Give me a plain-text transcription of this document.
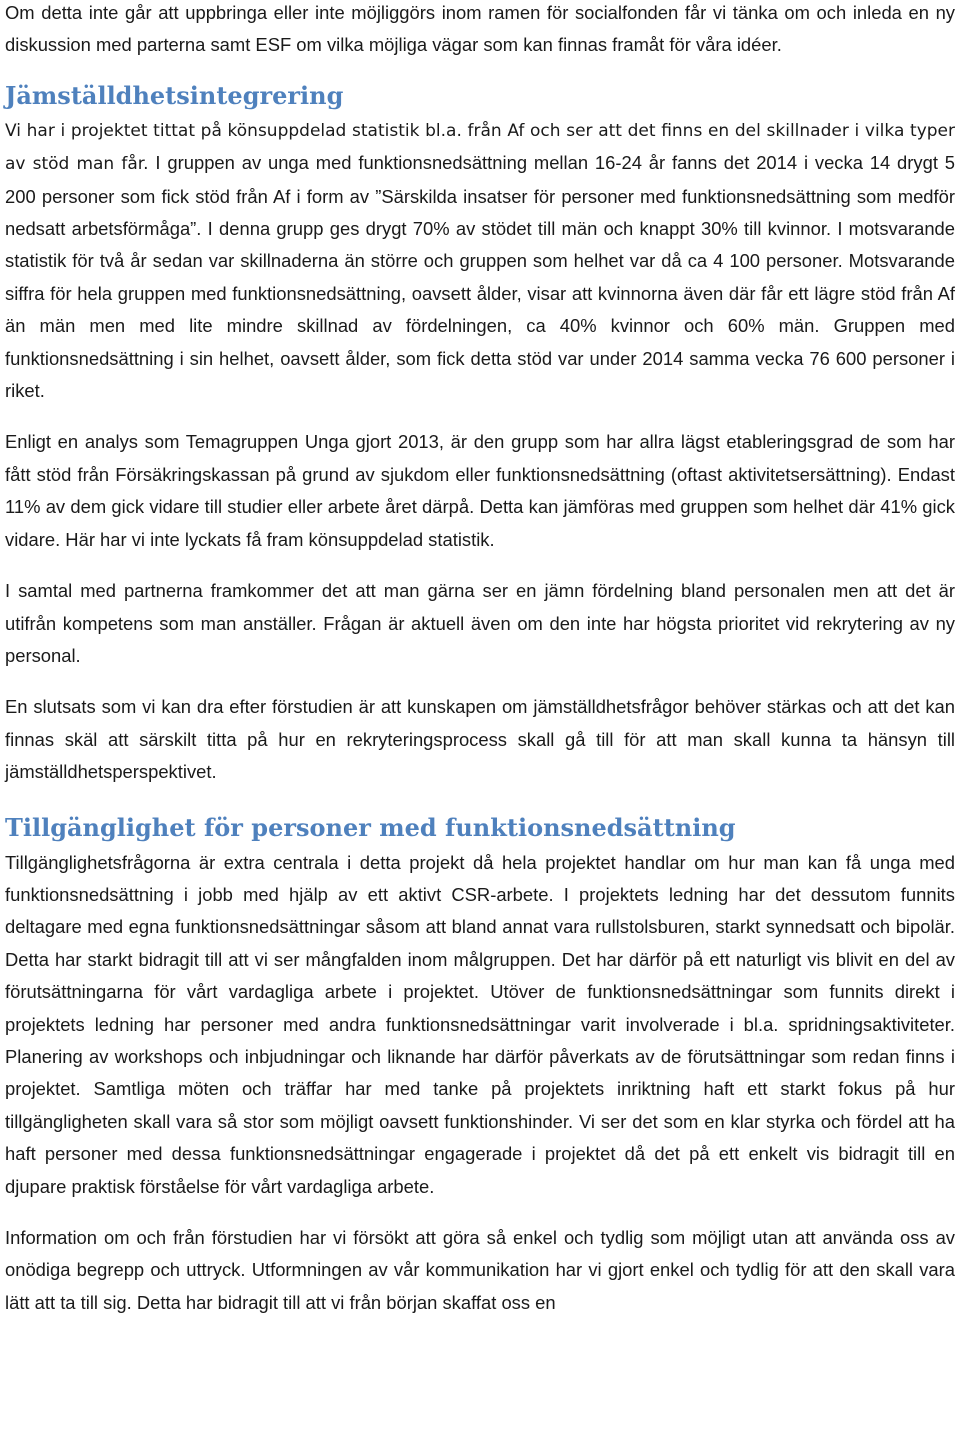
Om detta inte går att uppbringa eller inte möjliggörs inom ramen för socialfonden får vi tänka om och inleda en ny diskussion med parterna samt ESF om vilka möjliga vägar som kan finnas framåt för våra idéer.

Jämställdhetsintegrering

Vi har i projektet tittat på könsuppdelad statistik bl.a. från Af och ser att det finns en del skillnader i vilka typer av stöd man får. I gruppen av unga med funktionsnedsättning mellan 16-24 år fanns det 2014 i vecka 14 drygt 5 200 personer som fick stöd från Af i form av ”Särskilda insatser för personer med funktionsnedsättning som medför nedsatt arbetsförmåga”. I denna grupp ges drygt 70% av stödet till män och knappt 30% till kvinnor. I motsvarande statistik för två år sedan var skillnaderna än större och gruppen som helhet var då ca 4 100 personer. Motsvarande siffra för hela gruppen med funktionsnedsättning, oavsett ålder, visar att kvinnorna även där får ett lägre stöd från Af än män men med lite mindre skillnad av fördelningen, ca 40% kvinnor och 60% män. Gruppen med funktionsnedsättning i sin helhet, oavsett ålder, som fick detta stöd var under 2014 samma vecka 76 600 personer i riket.

Enligt en analys som Temagruppen Unga gjort 2013, är den grupp som har allra lägst etableringsgrad de som har fått stöd från Försäkringskassan på grund av sjukdom eller funktionsnedsättning (oftast aktivitetsersättning). Endast 11% av dem gick vidare till studier eller arbete året därpå. Detta kan jämföras med gruppen som helhet där 41% gick vidare. Här har vi inte lyckats få fram könsuppdelad statistik.

I samtal med partnerna framkommer det att man gärna ser en jämn fördelning bland personalen men att det är utifrån kompetens som man anställer. Frågan är aktuell även om den inte har högsta prioritet vid rekrytering av ny personal.

En slutsats som vi kan dra efter förstudien är att kunskapen om jämställdhetsfrågor behöver stärkas och att det kan finnas skäl att särskilt titta på hur en rekryteringsprocess skall gå till för att man skall kunna ta hänsyn till jämställdhetsperspektivet.

Tillgänglighet för personer med funktionsnedsättning

Tillgänglighetsfrågorna är extra centrala i detta projekt då hela projektet handlar om hur man kan få unga med funktionsnedsättning i jobb med hjälp av ett aktivt CSR-arbete. I projektets ledning har det dessutom funnits deltagare med egna funktionsnedsättningar såsom att bland annat vara rullstolsburen, starkt synnedsatt och bipolär. Detta har starkt bidragit till att vi ser mångfalden inom målgruppen. Det har därför på ett naturligt vis blivit en del av förutsättningarna för vårt vardagliga arbete i projektet. Utöver de funktionsnedsättningar som funnits direkt i projektets ledning har personer med andra funktionsnedsättningar varit involverade i bl.a. spridningsaktiviteter. Planering av workshops och inbjudningar och liknande har därför påverkats av de förutsättningar som redan finns i projektet. Samtliga möten och träffar har med tanke på projektets inriktning haft ett starkt fokus på hur tillgängligheten skall vara så stor som möjligt oavsett funktionshinder. Vi ser det som en klar styrka och fördel att ha haft personer med dessa funktionsnedsättningar engagerade i projektet då det på ett enkelt vis bidragit till en djupare praktisk förståelse för vårt vardagliga arbete.

Information om och från förstudien har vi försökt att göra så enkel och tydlig som möjligt utan att använda oss av onödiga begrepp och uttryck. Utformningen av vår kommunikation har vi gjort enkel och tydlig för att den skall vara lätt att ta till sig. Detta har bidragit till att vi från början skaffat oss en
